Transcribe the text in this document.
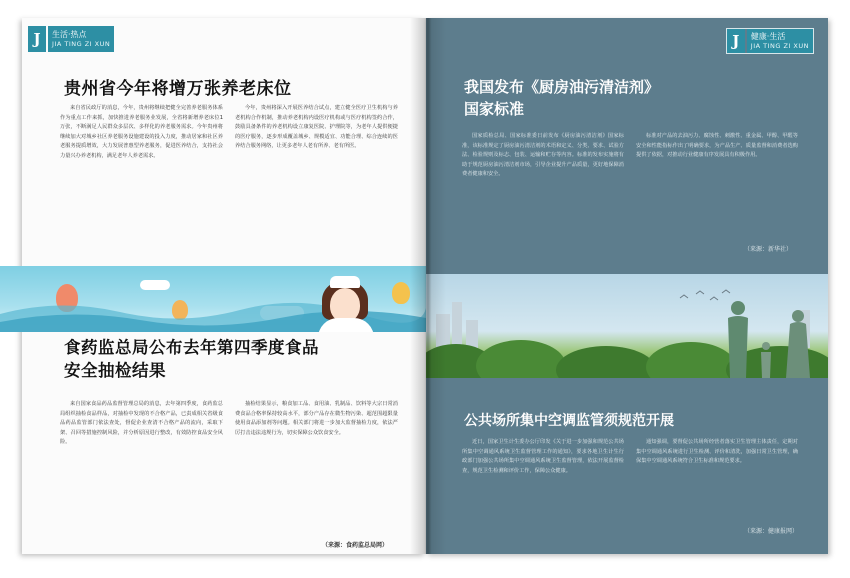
J	生活·热点
JIA TING ZI XUN
贵州省今年将增万张养老床位
来自省民政厅的消息，今年，贵州将继续把健全完善养老服务体系作为重点工作来抓，加快推进养老服务业发展，全省将新增养老床位1万张，不断满足人民群众多层次、多样化的养老服务需求。今年贵州将继续加大对城乡社区养老服务设施建设的投入力度，推动居家和社区养老服务提质增效，大力发展普惠型养老服务，促进医养结合，支持社会力量兴办养老机构，满足老年人养老需求。
今年，贵州将深入开展医养结合试点，建立健全医疗卫生机构与养老机构合作机制，推动养老机构内设医疗机构或与医疗机构签约合作，鼓励具备条件的养老机构设立康复医院、护理院等，为老年人提供便捷的医疗服务，逐步形成覆盖城乡、规模适宜、功能合理、综合连续的医养结合服务网络，让更多老年人老有所养、老有所医。
食药监总局公布去年第四季度食品
安全抽检结果
来自国家食品药品监督管理总局的消息，去年第四季度，食药监总局组织抽检食品样品，对抽检中发现的不合格产品，已责成相关省级食品药品监管部门依法查处，督促企业查清不合格产品的流向，采取下架、召回等措施控制风险，并分析原因进行整改，有效防控食品安全风险。
抽检结果显示，粮食加工品、食用油、乳制品、饮料等大宗日常消费食品合格率保持较高水平，部分产品存在微生物污染、超范围超限量使用食品添加剂等问题。相关部门将进一步加大监督抽检力度，依法严厉打击违法违规行为，切实保障公众饮食安全。
（来源：食药监总局网）
J	健康·生活
JIA TING ZI XUN
我国发布《厨房油污清洁剂》
国家标准
国家质检总局、国家标准委日前发布《厨房油污清洁剂》国家标准，该标准规定了厨房油污清洁剂的术语和定义、分类、要求、试验方法、检验规则及标志、包装、运输和贮存等内容。标准的发布实施将有助于规范厨房油污清洁剂市场，引导企业提升产品质量，更好地保障消费者健康和安全。
标准对产品的去油污力、腐蚀性、刺激性、重金属、甲醇、甲醛等安全和性能指标作出了明确要求，为产品生产、质量监督和消费者选购提供了依据，对推动行业健康有序发展具有积极作用。
（来源：新华社）
公共场所集中空调监管须规范开展
近日，国家卫生计生委办公厅印发《关于进一步加强和规范公共场所集中空调通风系统卫生监督管理工作的通知》，要求各地卫生计生行政部门加强公共场所集中空调通风系统卫生监督管理，依法开展监督检查，规范卫生检测和评价工作，保障公众健康。
通知强调，要督促公共场所经营者落实卫生管理主体责任，定期对集中空调通风系统进行卫生检测、评价和清洗，加强日常卫生管理，确保集中空调通风系统符合卫生标准和规范要求。
（来源：健康报网）
